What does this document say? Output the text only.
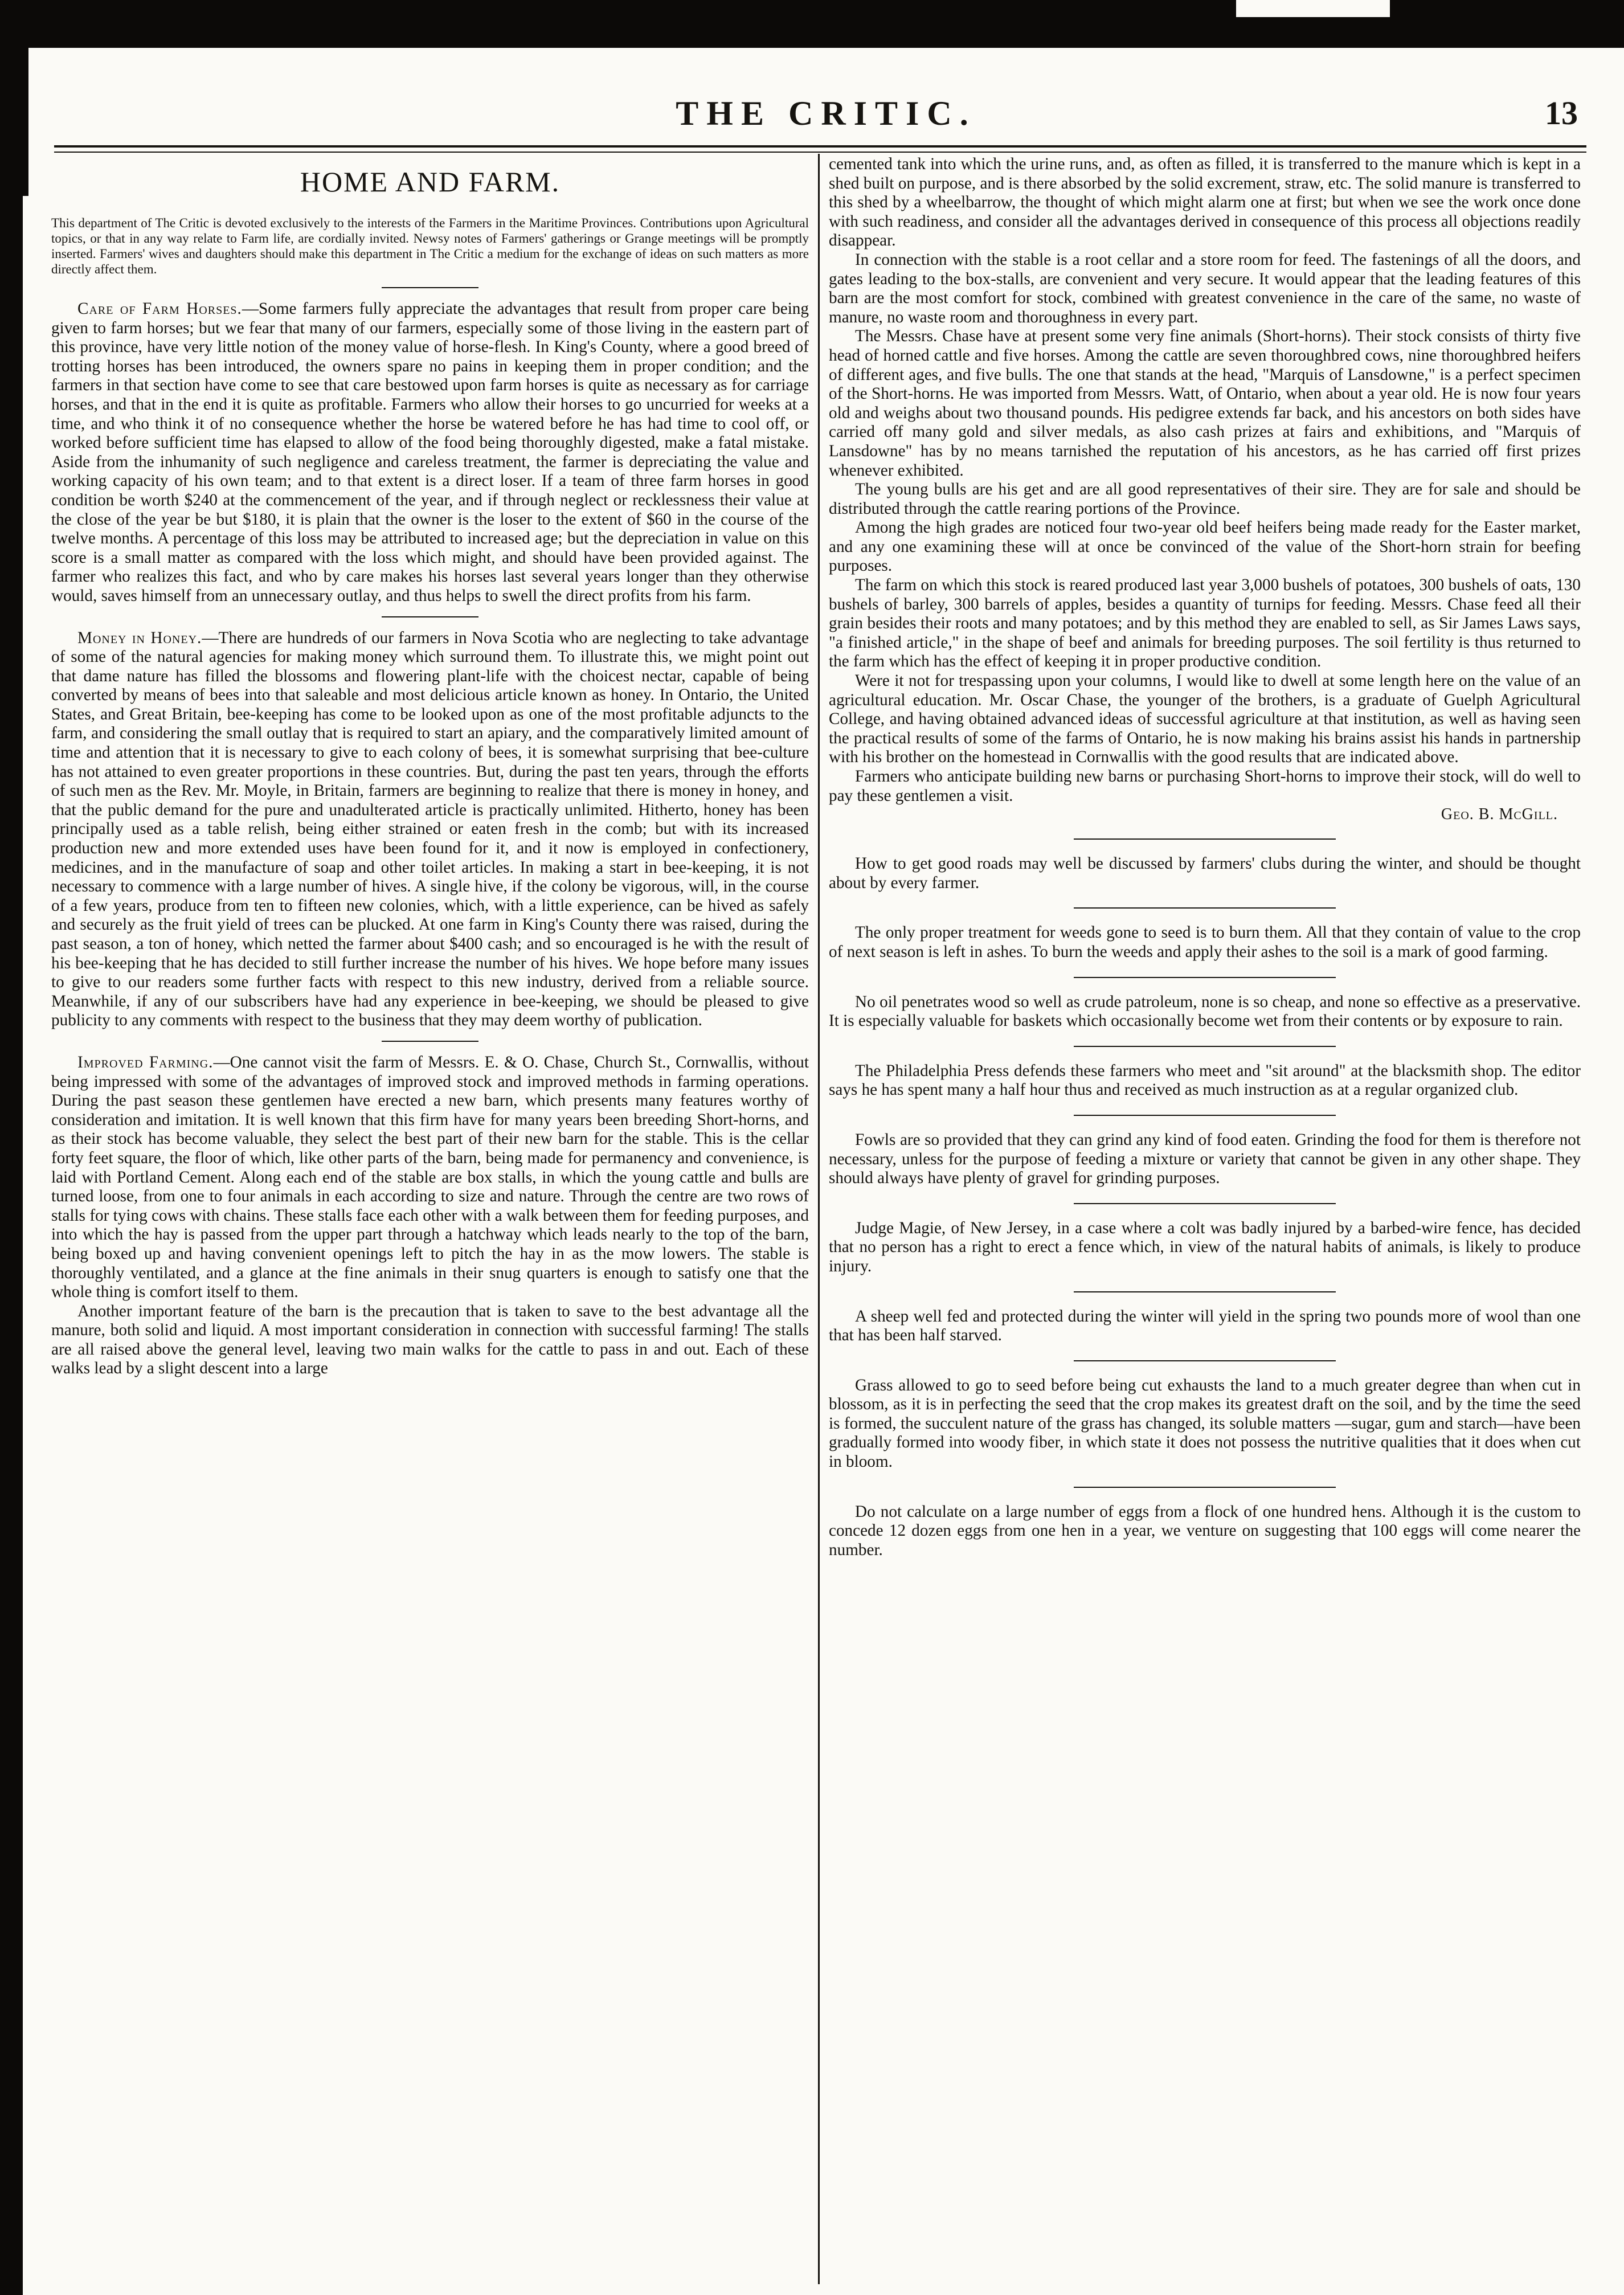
THE CRITIC.	13
HOME AND FARM.

This department of The Critic is devoted exclusively to the interests of the Farmers in the Maritime Provinces. Contributions upon Agricultural topics, or that in any way relate to Farm life, are cordially invited. Newsy notes of Farmers' gatherings or Grange meetings will be promptly inserted. Farmers' wives and daughters should make this department in The Critic a medium for the exchange of ideas on such matters as more directly affect them.

Care of Farm Horses.—Some farmers fully appreciate the advantages that result from proper care being given to farm horses; but we fear that many of our farmers, especially some of those living in the eastern part of this province, have very little notion of the money value of horse-flesh. In King's County, where a good breed of trotting horses has been introduced, the owners spare no pains in keeping them in proper condition; and the farmers in that section have come to see that care bestowed upon farm horses is quite as necessary as for carriage horses, and that in the end it is quite as profitable. Farmers who allow their horses to go uncurried for weeks at a time, and who think it of no consequence whether the horse be watered before he has had time to cool off, or worked before sufficient time has elapsed to allow of the food being thoroughly digested, make a fatal mistake. Aside from the inhumanity of such negligence and careless treatment, the farmer is depreciating the value and working capacity of his own team; and to that extent is a direct loser. If a team of three farm horses in good condition be worth $240 at the commencement of the year, and if through neglect or recklessness their value at the close of the year be but $180, it is plain that the owner is the loser to the extent of $60 in the course of the twelve months. A percentage of this loss may be attributed to increased age; but the depreciation in value on this score is a small matter as compared with the loss which might, and should have been provided against. The farmer who realizes this fact, and who by care makes his horses last several years longer than they otherwise would, saves himself from an unnecessary outlay, and thus helps to swell the direct profits from his farm.

Money in Honey.—There are hundreds of our farmers in Nova Scotia who are neglecting to take advantage of some of the natural agencies for making money which surround them. To illustrate this, we might point out that dame nature has filled the blossoms and flowering plant-life with the choicest nectar, capable of being converted by means of bees into that saleable and most delicious article known as honey. In Ontario, the United States, and Great Britain, bee-keeping has come to be looked upon as one of the most profitable adjuncts to the farm, and considering the small outlay that is required to start an apiary, and the comparatively limited amount of time and attention that it is necessary to give to each colony of bees, it is somewhat surprising that bee-culture has not attained to even greater proportions in these countries. But, during the past ten years, through the efforts of such men as the Rev. Mr. Moyle, in Britain, farmers are beginning to realize that there is money in honey, and that the public demand for the pure and unadulterated article is practically unlimited. Hitherto, honey has been principally used as a table relish, being either strained or eaten fresh in the comb; but with its increased production new and more extended uses have been found for it, and it now is employed in confectionery, medicines, and in the manufacture of soap and other toilet articles. In making a start in bee-keeping, it is not necessary to commence with a large number of hives. A single hive, if the colony be vigorous, will, in the course of a few years, produce from ten to fifteen new colonies, which, with a little experience, can be hived as safely and securely as the fruit yield of trees can be plucked. At one farm in King's County there was raised, during the past season, a ton of honey, which netted the farmer about $400 cash; and so encouraged is he with the result of his bee-keeping that he has decided to still further increase the number of his hives. We hope before many issues to give to our readers some further facts with respect to this new industry, derived from a reliable source. Meanwhile, if any of our subscribers have had any experience in bee-keeping, we should be pleased to give publicity to any comments with respect to the business that they may deem worthy of publication.

Improved Farming.—One cannot visit the farm of Messrs. E. & O. Chase, Church St., Cornwallis, without being impressed with some of the advantages of improved stock and improved methods in farming operations. During the past season these gentlemen have erected a new barn, which presents many features worthy of consideration and imitation. It is well known that this firm have for many years been breeding Short-horns, and as their stock has become valuable, they select the best part of their new barn for the stable. This is the cellar forty feet square, the floor of which, like other parts of the barn, being made for permanency and convenience, is laid with Portland Cement. Along each end of the stable are box stalls, in which the young cattle and bulls are turned loose, from one to four animals in each according to size and nature. Through the centre are two rows of stalls for tying cows with chains. These stalls face each other with a walk between them for feeding purposes, and into which the hay is passed from the upper part through a hatchway which leads nearly to the top of the barn, being boxed up and having convenient openings left to pitch the hay in as the mow lowers. The stable is thoroughly ventilated, and a glance at the fine animals in their snug quarters is enough to satisfy one that the whole thing is comfort itself to them.

Another important feature of the barn is the precaution that is taken to save to the best advantage all the manure, both solid and liquid. A most important consideration in connection with successful farming! The stalls are all raised above the general level, leaving two main walks for the cattle to pass in and out. Each of these walks lead by a slight descent into a large

cemented tank into which the urine runs, and, as often as filled, it is transferred to the manure which is kept in a shed built on purpose, and is there absorbed by the solid excrement, straw, etc. The solid manure is transferred to this shed by a wheelbarrow, the thought of which might alarm one at first; but when we see the work once done with such readiness, and consider all the advantages derived in consequence of this process all objections readily disappear.

In connection with the stable is a root cellar and a store room for feed. The fastenings of all the doors, and gates leading to the box-stalls, are convenient and very secure. It would appear that the leading features of this barn are the most comfort for stock, combined with greatest convenience in the care of the same, no waste of manure, no waste room and thoroughness in every part.

The Messrs. Chase have at present some very fine animals (Short-horns). Their stock consists of thirty five head of horned cattle and five horses. Among the cattle are seven thoroughbred cows, nine thoroughbred heifers of different ages, and five bulls. The one that stands at the head, "Marquis of Lansdowne," is a perfect specimen of the Short-horns. He was imported from Messrs. Watt, of Ontario, when about a year old. He is now four years old and weighs about two thousand pounds. His pedigree extends far back, and his ancestors on both sides have carried off many gold and silver medals, as also cash prizes at fairs and exhibitions, and "Marquis of Lansdowne" has by no means tarnished the reputation of his ancestors, as he has carried off first prizes whenever exhibited.

The young bulls are his get and are all good representatives of their sire. They are for sale and should be distributed through the cattle rearing portions of the Province.

Among the high grades are noticed four two-year old beef heifers being made ready for the Easter market, and any one examining these will at once be convinced of the value of the Short-horn strain for beefing purposes.

The farm on which this stock is reared produced last year 3,000 bushels of potatoes, 300 bushels of oats, 130 bushels of barley, 300 barrels of apples, besides a quantity of turnips for feeding. Messrs. Chase feed all their grain besides their roots and many potatoes; and by this method they are enabled to sell, as Sir James Laws says, "a finished article," in the shape of beef and animals for breeding purposes. The soil fertility is thus returned to the farm which has the effect of keeping it in proper productive condition.

Were it not for trespassing upon your columns, I would like to dwell at some length here on the value of an agricultural education. Mr. Oscar Chase, the younger of the brothers, is a graduate of Guelph Agricultural College, and having obtained advanced ideas of successful agriculture at that institution, as well as having seen the practical results of some of the farms of Ontario, he is now making his brains assist his hands in partnership with his brother on the homestead in Cornwallis with the good results that are indicated above.

Farmers who anticipate building new barns or purchasing Short-horns to improve their stock, will do well to pay these gentlemen a visit.

Geo. B. McGill.

How to get good roads may well be discussed by farmers' clubs during the winter, and should be thought about by every farmer.

The only proper treatment for weeds gone to seed is to burn them. All that they contain of value to the crop of next season is left in ashes. To burn the weeds and apply their ashes to the soil is a mark of good farming.

No oil penetrates wood so well as crude patroleum, none is so cheap, and none so effective as a preservative. It is especially valuable for baskets which occasionally become wet from their contents or by exposure to rain.

The Philadelphia Press defends these farmers who meet and "sit around" at the blacksmith shop. The editor says he has spent many a half hour thus and received as much instruction as at a regular organized club.

Fowls are so provided that they can grind any kind of food eaten. Grinding the food for them is therefore not necessary, unless for the purpose of feeding a mixture or variety that cannot be given in any other shape. They should always have plenty of gravel for grinding purposes.

Judge Magie, of New Jersey, in a case where a colt was badly injured by a barbed-wire fence, has decided that no person has a right to erect a fence which, in view of the natural habits of animals, is likely to produce injury.

A sheep well fed and protected during the winter will yield in the spring two pounds more of wool than one that has been half starved.

Grass allowed to go to seed before being cut exhausts the land to a much greater degree than when cut in blossom, as it is in perfecting the seed that the crop makes its greatest draft on the soil, and by the time the seed is formed, the succulent nature of the grass has changed, its soluble matters —sugar, gum and starch—have been gradually formed into woody fiber, in which state it does not possess the nutritive qualities that it does when cut in bloom.

Do not calculate on a large number of eggs from a flock of one hundred hens. Although it is the custom to concede 12 dozen eggs from one hen in a year, we venture on suggesting that 100 eggs will come nearer the number.
